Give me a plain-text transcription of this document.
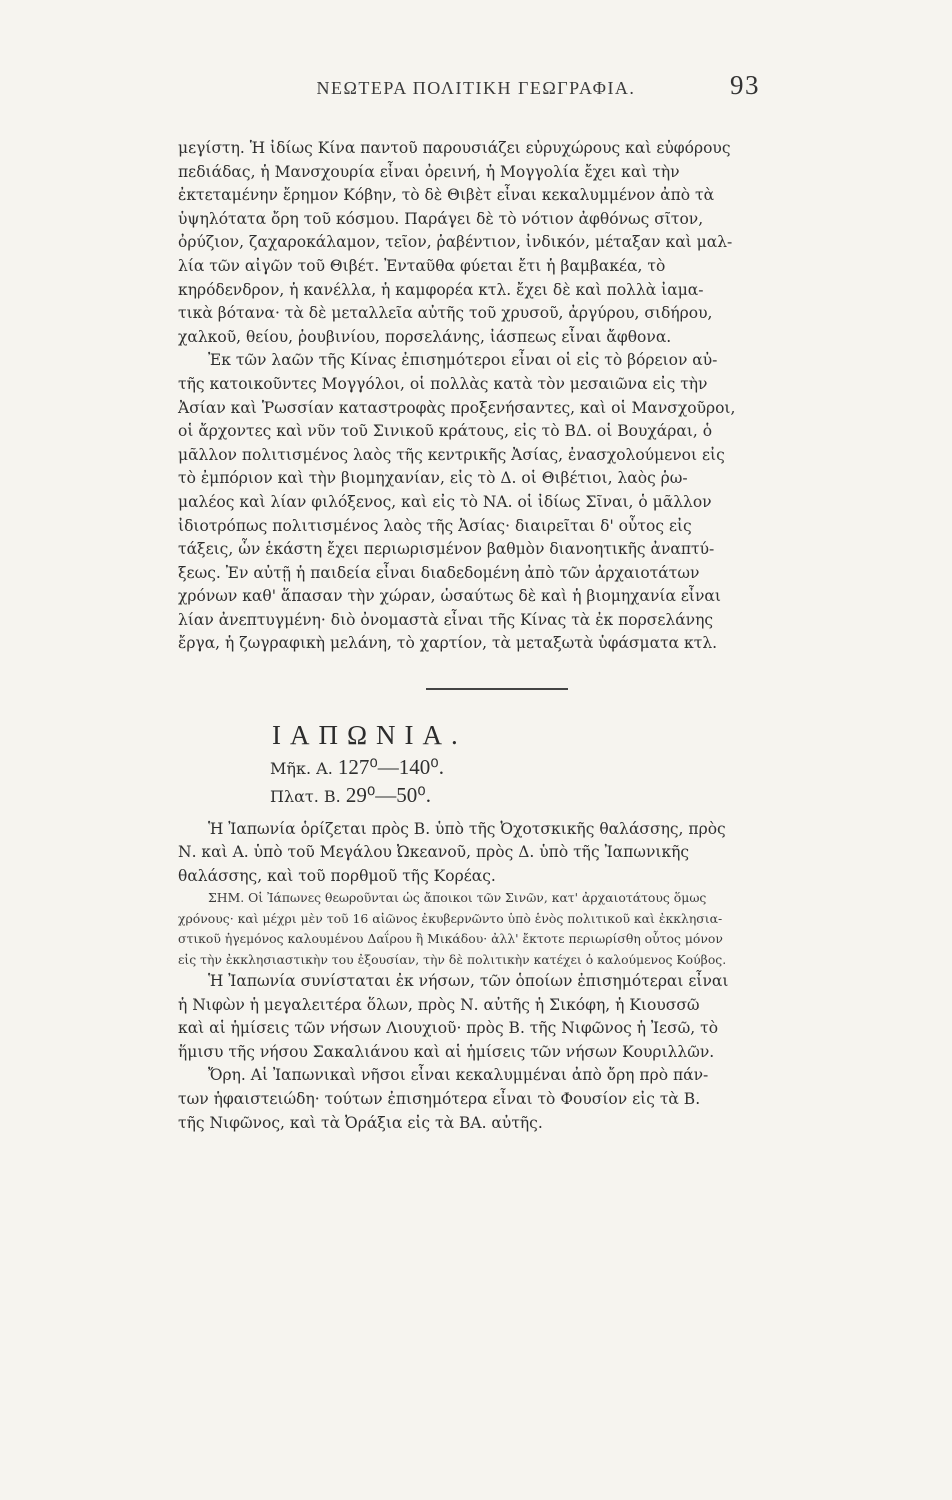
ΝΕΩΤΕΡΑ ΠΟΛΙΤΙΚΗ ΓΕΩΓΡΑΦΙΑ.	93
μεγίστη. Ἡ ἰδίως Κίνα παντοῦ παρουσιάζει εὐρυχώρους καὶ εὐφόρους
πεδιάδας, ἡ Μανσχουρία εἶναι ὀρεινή, ἡ Μογγολία ἔχει καὶ τὴν
ἐκτεταμένην ἔρημον Κόβην, τὸ δὲ Θιβὲτ εἶναι κεκαλυμμένον ἀπὸ τὰ
ὑψηλότατα ὄρη τοῦ κόσμου. Παράγει δὲ τὸ νότιον ἀφθόνως σῖτον,
ὀρύζιον, ζαχαροκάλαμον, τεῖον, ῥαβέντιον, ἰνδικόν, μέταξαν καὶ μαλ-
λία τῶν αἰγῶν τοῦ Θιβέτ. Ἐνταῦθα φύεται ἔτι ἡ βαμβακέα, τὸ
κηρόδενδρον, ἡ κανέλλα, ἡ καμφορέα κτλ. ἔχει δὲ καὶ πολλὰ ἰαμα-
τικὰ βότανα· τὰ δὲ μεταλλεῖα αὐτῆς τοῦ χρυσοῦ, ἀργύρου, σιδήρου,
χαλκοῦ, θείου, ῥουβινίου, πορσελάνης, ἰάσπεως εἶναι ἄφθονα.
Ἐκ τῶν λαῶν τῆς Κίνας ἐπισημότεροι εἶναι οἱ εἰς τὸ βόρειον αὐ-
τῆς κατοικοῦντες Μογγόλοι, οἱ πολλὰς κατὰ τὸν μεσαιῶνα εἰς τὴν
Ἀσίαν καὶ Ῥωσσίαν καταστροφὰς προξενήσαντες, καὶ οἱ Μανσχοῦροι,
οἱ ἄρχοντες καὶ νῦν τοῦ Σινικοῦ κράτους, εἰς τὸ ΒΔ. οἱ Βουχάραι, ὁ
μᾶλλον πολιτισμένος λαὸς τῆς κεντρικῆς Ἀσίας, ἐνασχολούμενοι εἰς
τὸ ἐμπόριον καὶ τὴν βιομηχανίαν, εἰς τὸ Δ. οἱ Θιβέτιοι, λαὸς ῥω-
μαλέος καὶ λίαν φιλόξενος, καὶ εἰς τὸ ΝΑ. οἱ ἰδίως Σῖναι, ὁ μᾶλλον
ἰδιοτρόπως πολιτισμένος λαὸς τῆς Ἀσίας· διαιρεῖται δ' οὗτος εἰς
τάξεις, ὧν ἑκάστη ἔχει περιωρισμένον βαθμὸν διανοητικῆς ἀναπτύ-
ξεως. Ἐν αὐτῇ ἡ παιδεία εἶναι διαδεδομένη ἀπὸ τῶν ἀρχαιοτάτων
χρόνων καθ' ἅπασαν τὴν χώραν, ὡσαύτως δὲ καὶ ἡ βιομηχανία εἶναι
λίαν ἀνεπτυγμένη· διὸ ὀνομαστὰ εἶναι τῆς Κίνας τὰ ἐκ πορσελάνης
ἔργα, ἡ ζωγραφικὴ μελάνη, τὸ χαρτίον, τὰ μεταξωτὰ ὑφάσματα κτλ.
ΙΑΠΩΝΙΑ.
Μῆκ. Α. 127⁰—140⁰.
Πλατ. Β. 29⁰—50⁰.
Ἡ Ἰαπωνία ὁρίζεται πρὸς Β. ὑπὸ τῆς Ὀχοτσκικῆς θαλάσσης, πρὸς
Ν. καὶ Α. ὑπὸ τοῦ Μεγάλου Ὠκεανοῦ, πρὸς Δ. ὑπὸ τῆς Ἰαπωνικῆς
θαλάσσης, καὶ τοῦ πορθμοῦ τῆς Κορέας.
ΣΗΜ. Οἱ Ἰάπωνες θεωροῦνται ὡς ἄποικοι τῶν Σινῶν, κατ' ἀρχαιοτάτους ὅμως
χρόνους· καὶ μέχρι μὲν τοῦ 16 αἰῶνος ἐκυβερνῶντο ὑπὸ ἑνὸς πολιτικοῦ καὶ ἐκκλησια-
στικοῦ ἡγεμόνος καλουμένου Δαΐρου ἢ Μικάδου· ἀλλ' ἔκτοτε περιωρίσθη οὗτος μόνον
εἰς τὴν ἐκκλησιαστικὴν του ἐξουσίαν, τὴν δὲ πολιτικὴν κατέχει ὁ καλούμενος Κούβος.
Ἡ Ἰαπωνία συνίσταται ἐκ νήσων, τῶν ὁποίων ἐπισημότεραι εἶναι
ἡ Νιφὼν ἡ μεγαλειτέρα ὅλων, πρὸς Ν. αὐτῆς ἡ Σικόφη, ἡ Κιουσσῶ
καὶ αἱ ἡμίσεις τῶν νήσων Λιουχιοῦ· πρὸς Β. τῆς Νιφῶνος ἡ Ἰεσῶ, τὸ
ἥμισυ τῆς νήσου Σακαλιάνου καὶ αἱ ἡμίσεις τῶν νήσων Κουριλλῶν.
Ὄρη. Αἱ Ἰαπωνικαὶ νῆσοι εἶναι κεκαλυμμέναι ἀπὸ ὄρη πρὸ πάν-
των ἡφαιστειώδη· τούτων ἐπισημότερα εἶναι τὸ Φουσίον εἰς τὰ Β.
τῆς Νιφῶνος, καὶ τὰ Ὀράξια εἰς τὰ ΒΑ. αὐτῆς.
